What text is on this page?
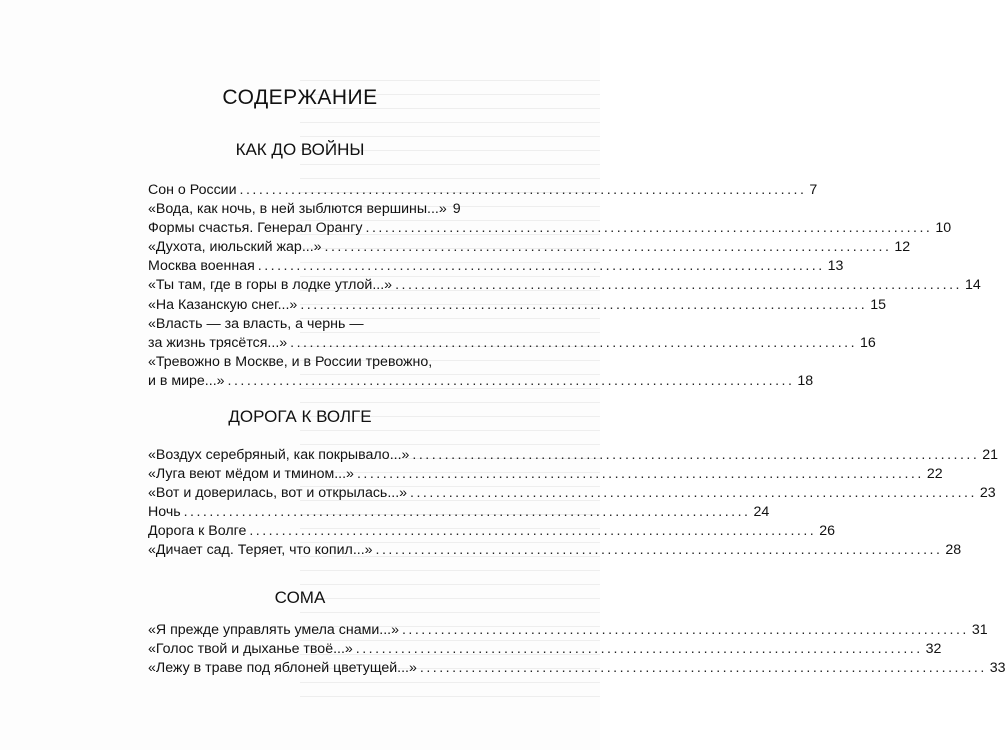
СОДЕРЖАНИЕ
КАК ДО ВОЙНЫ
Сон о России ........................................................................................ 7
«Вода, как ночь, в ней зыблются вершины...» 9
Формы счастья. Генерал Орангу ........................................................................................ 10
«Духота, июльский жар...» ........................................................................................ 12
Москва военная ........................................................................................ 13
«Ты там, где в горы в лодке утлой...» ........................................................................................ 14
«На Казанскую снег...» ........................................................................................ 15
«Власть — за власть, а чернь —
за жизнь трясётся...» ........................................................................................ 16
«Тревожно в Москве, и в России тревожно,
и в мире...» ........................................................................................ 18
ДОРОГА К ВОЛГЕ
«Воздух серебряный, как покрывало...» ........................................................................................ 21
«Луга веют мёдом и тмином...» ........................................................................................ 22
«Вот и доверилась, вот и открылась...» ........................................................................................ 23
Ночь ........................................................................................ 24
Дорога к Волге ........................................................................................ 26
«Дичает сад. Теряет, что копил...» ........................................................................................ 28
СОМА
«Я прежде управлять умела снами...» ........................................................................................ 31
«Голос твой и дыханье твоё...» ........................................................................................ 32
«Лежу в траве под яблоней цветущей...» ........................................................................................ 33
